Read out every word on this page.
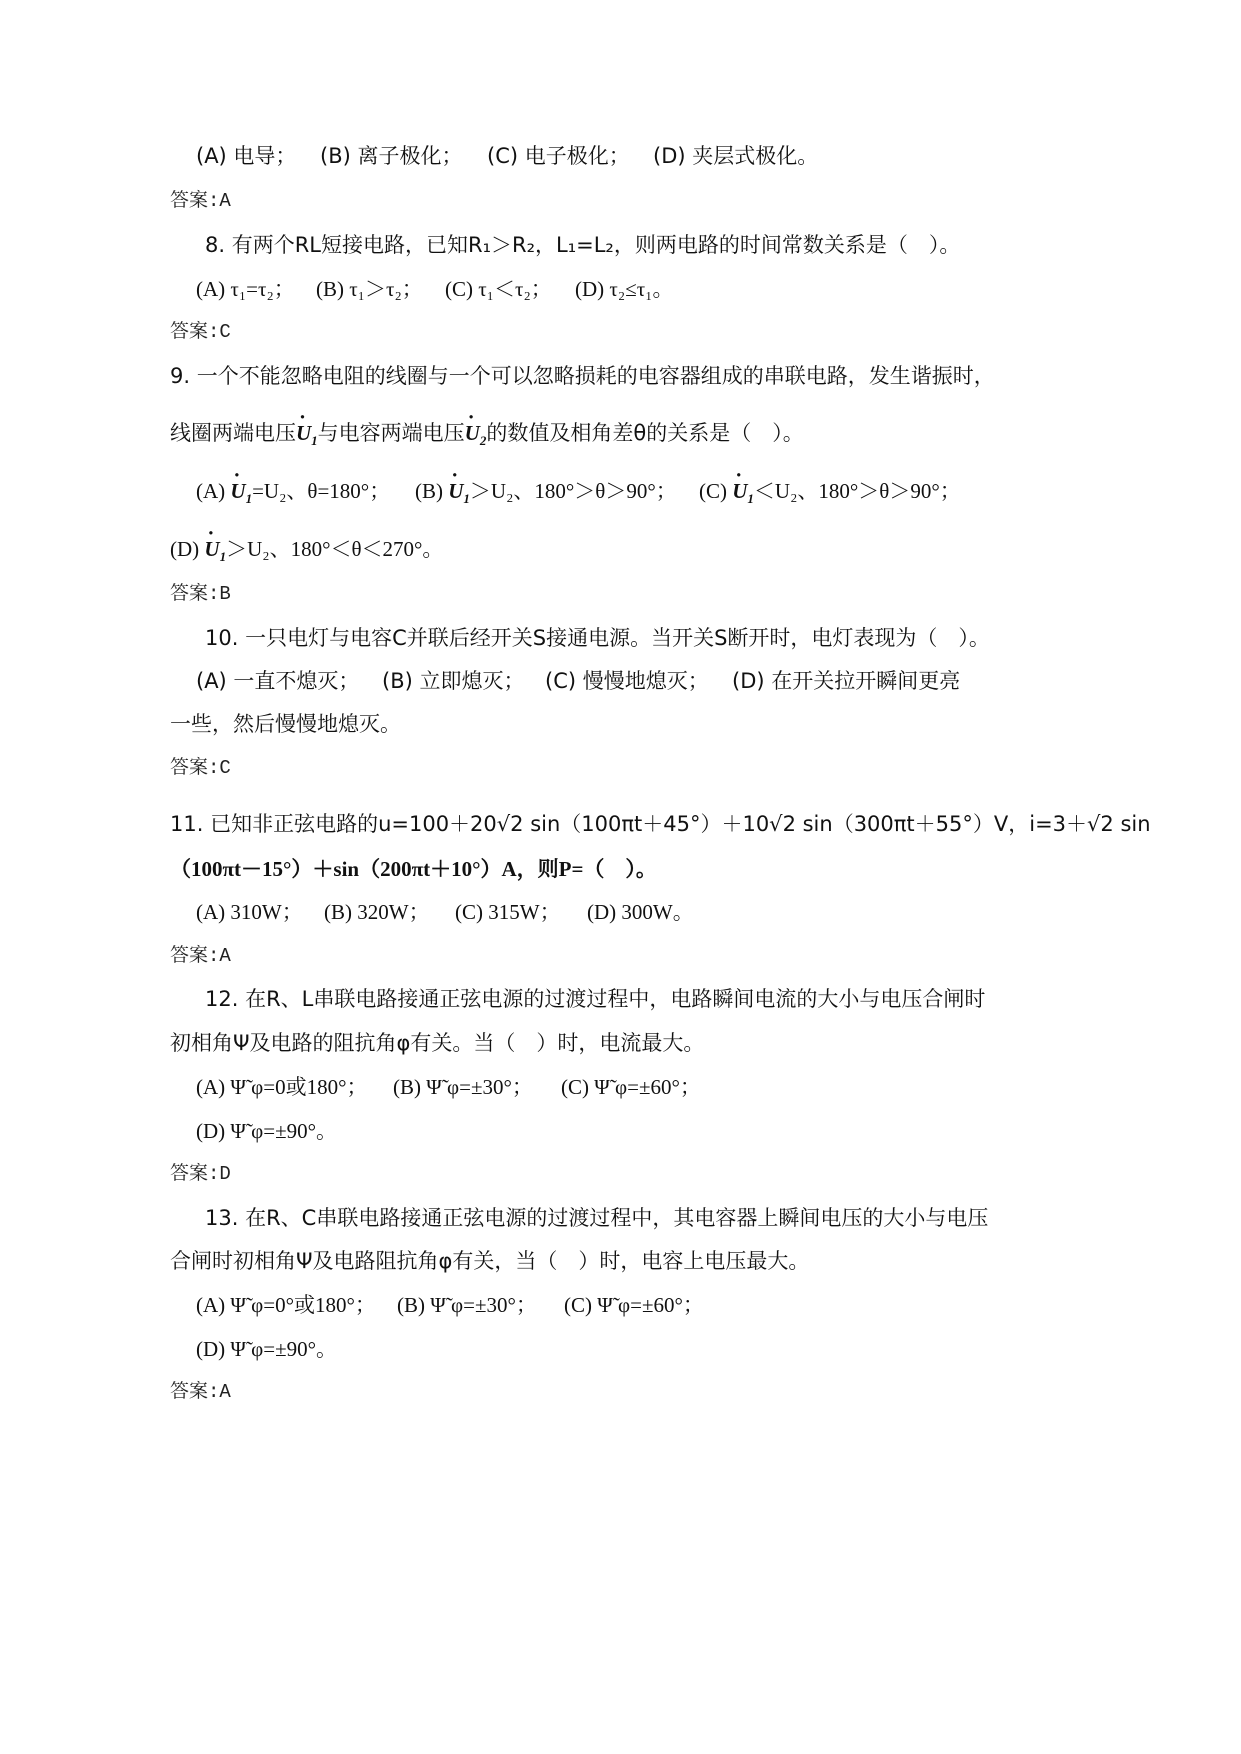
(A) 电导； (B) 离子极化； (C) 电子极化； (D) 夹层式极化。
答案:A
8. 有两个RL短接电路，已知R₁＞R₂，L₁=L₂，则两电路的时间常数关系是（　）。
(A) τ₁=τ₂； (B) τ₁＞τ₂； (C) τ₁＜τ₂； (D) τ₂≤τ₁。
答案:C
9. 一个不能忽略电阻的线圈与一个可以忽略损耗的电容器组成的串联电路，发生谐振时，
线圈两端电压· $U_1$与电容两端电压· $U_2$的数值及相角差θ的关系是（　）。
$(A) \cdot U_1=U_2$、θ=180°； $(B) \cdot U_1>U_2$、180°＞θ＞90°； $(C) \cdot U_1<U_2$、180°＞θ＞90°；
$(D) \cdot U_1>U_2$、180°＜θ＜270°。
答案:B
10. 一只电灯与电容C并联后经开关S接通电源。当开关S断开时，电灯表现为（　）。
(A) 一直不熄灭； (B) 立即熄灭； (C) 慢慢地熄灭； (D) 在开关拉开瞬间更亮
一些，然后慢慢地熄灭。
答案:C
11. 已知非正弦电路的u=100＋20√2 sin（100πt＋45°）＋10√2 sin（300πt＋55°）V，i=3＋√2 sin
（100πt－15°）＋sin（200πt＋10°）A，则P=（　）。
(A) 310W； (B) 320W； (C) 315W； (D) 300W。
答案:A
12. 在R、L串联电路接通正弦电源的过渡过程中，电路瞬间电流的大小与电压合闸时
初相角Ψ及电路的阻抗角φ有关。当（　）时，电流最大。
(A) Ψ̃ φ=0或180°； (B) Ψ̃ φ=±30°； (C) Ψ̃ φ=±60°；
(D) Ψ̃ φ=±90°。
答案:D
13. 在R、C串联电路接通正弦电源的过渡过程中，其电容器上瞬间电压的大小与电压
合闸时初相角Ψ及电路阻抗角φ有关，当（　）时，电容上电压最大。
(A) Ψ̃ φ=0°或180°； (B) Ψ̃ φ=±30°； (C) Ψ̃ φ=±60°；
(D) Ψ̃ φ=±90°。
答案:A
